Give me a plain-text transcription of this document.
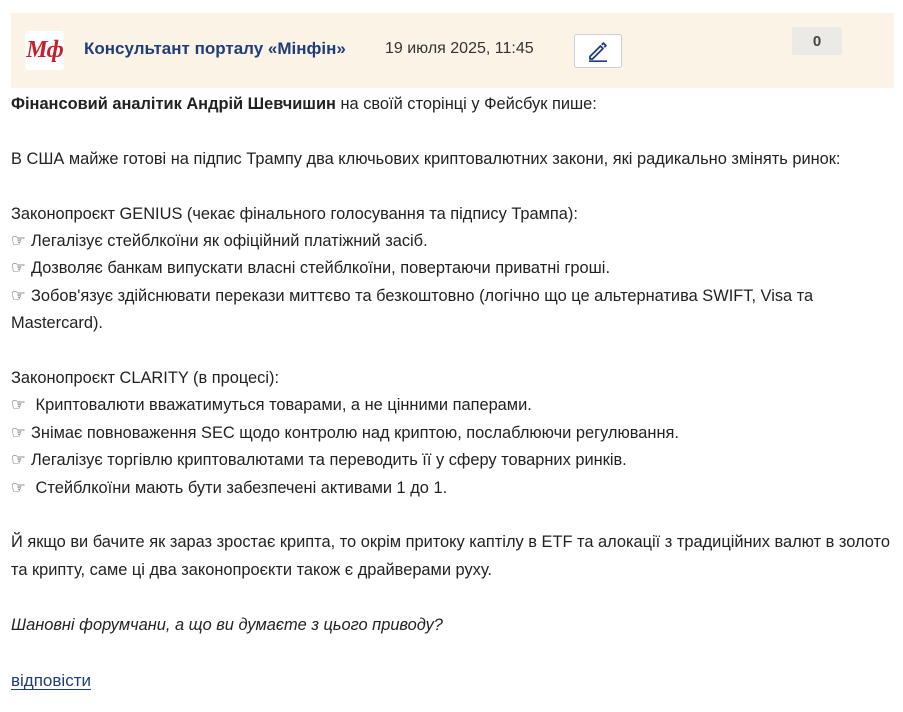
Мф Консультант порталу «Мінфін» 19 июля 2025, 11:45	0

Фінансовий аналітик Андрій Шевчишин на своїй сторінці у Фейсбук пише:

В США майже готові на підпис Трампу два ключьових криптовалютних закони, які радикально змінять ринок:

Законопроєкт GENIUS (чекає фінального голосування та підпису Трампа):

☞ Легалізує стейблкоїни як офіційний платіжний засіб.

☞ Дозволяє банкам випускати власні стейблкоїни, повертаючи приватні гроші.

☞ Зобов'язує здійснювати перекази миттєво та безкоштовно (логічно що це альтернатива SWIFT, Visa та Mastercard).

Законопроєкт CLARITY (в процесі):

☞ Криптовалюти вважатимуться товарами, а не цінними паперами.

☞ Знімає повноваження SEC щодо контролю над криптою, послаблюючи регулювання.

☞ Легалізує торгівлю криптовалютами та переводить її у сферу товарних ринків.

☞ Стейблкоїни мають бути забезпечені активами 1 до 1.

Й якщо ви бачите як зараз зростає крипта, то окрім притоку каптілу в ETF та алокації з традиційних валют в золото та крипту, саме ці два законопроєкти також є драйверами руху.

Шановні форумчани, а що ви думаєте з цього приводу?

відповісти
